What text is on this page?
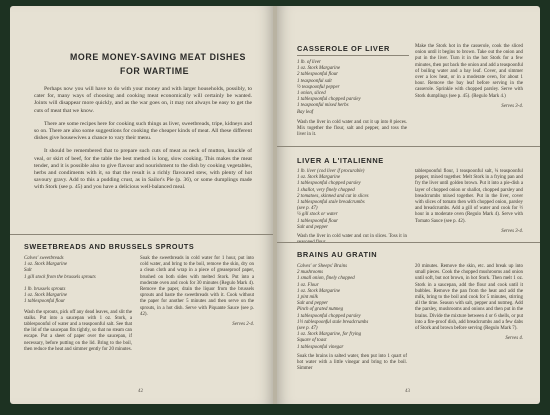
MORE MONEY-SAVING MEAT DISHES
FOR WARTIME

Perhaps now you will have to do with your money and with larger households, possibly, to cater for, many ways of choosing and cooking meat economically will certainly be wanted. Joints will disappear more quickly, and as the war goes on, it may not always be easy to get the cuts of meat that we know.

There are some recipes here for cooking such things as liver, sweetbreads, tripe, kidneys and so on. There are also some suggestions for cooking the cheaper kinds of meat. All these different dishes give housewives a chance to vary their menu.

It should be remembered that to prepare such cuts of meat as neck of mutton, knuckle of veal, or skirt of beef, for the table the best method is long, slow cooking. This makes the meat tender, and it is possible also to give flavour and nourishment to the dish by cooking vegetables, herbs and condiments with it, so that the result is a richly flavoured stew, with plenty of hot savoury gravy. Add to this a pudding crust, as in Sailor's Pie (p. 36), or some dumplings made with Stork (see p. 45) and you have a delicious well-balanced meal.

SWEETBREADS AND BRUSSELS SPROUTS

Calves' sweetbreads
1 oz. Stork Margarine
Salt
1 gill stock from the brussels sprouts

1 lb. brussels sprouts
1 oz. Stork Margarine
1 tablespoonful flour

Wash the sprouts, pick off any dead leaves, and slit the stalks. Put into a saucepan with 1 oz. Stork, a tablespoonful of water and a teaspoonful salt. See that the lid of the saucepan fits tightly, so that no steam can escape. Put a sheet of paper over the saucepan, if necessary, before putting on the lid. Bring to the boil, then reduce the heat and simmer gently for 20 minutes.

Soak the sweetbreads in cold water for 1 hour, put into cold water, and bring to the boil, remove the skin, dry on a clean cloth and wrap in a piece of greaseproof paper, brushed on both sides with melted Stork. Put into a moderate oven and cook for 30 minutes (Regulo Mark 4). Remove the paper, drain the liquor from the brussels sprouts and baste the sweetbreads with it. Cook without the paper for another 5 minutes and then serve on the sprouts, in a hot dish. Serve with Piquante Sauce (see p. 42).

Serves 2-4.
42
CASSEROLE OF LIVER

1 lb. of liver
1 oz. Stork Margarine
2 tablespoonful flour
1 teaspoonful salt
½ teaspoonful pepper
1 onion, sliced
1 tablespoonful chopped parsley
1 teaspoonful mixed herbs
Bay leaf

Wash the liver in cold water and cut it up into 8 pieces. Mix together the flour, salt and pepper, and toss the liver in it.

Make the Stork hot in the casserole, cook the sliced onion until it begins to brown. Take out the onion and put in the liver. Turn it in the hot Stork for a few minutes, then put back the onion and add a teaspoonful of boiling water and a bay leaf. Cover, and simmer over a low heat, or in a moderate oven, for about 1 hour. Remove the bay leaf before serving in the casserole. Sprinkle with chopped parsley. Serve with Stork dumplings (see p. 45). (Regulo Mark 4.)

Serves 3-4.
LIVER A L'ITALIENNE

1 lb. liver (cod liver if procurable)
1 oz. Stork Margarine
1 tablespoonful chopped parsley
1 shallot, very finely chopped
2 tomatoes, skinned and cut in slices
1 tablespoonful stale breadcrumbs
(see p. 47)
¼ gill stock or water
1 tablespoonful flour
Salt and pepper

Wash the liver in cold water and cut in slices. Toss it in seasoned flour.

tablespoonful flour, 1 teaspoonful salt, ¼ teaspoonful pepper, mixed together. Melt Stork in a frying pan and fry the liver until golden brown. Put it into a pie-dish a layer of chopped onion or shallot, chopped parsley and breadcrumbs mixed together. Put in the liver, cover with slices of tomato then with chopped onion, parsley and breadcrumbs. Add a gill of water and cook for ½ hour in a moderate oven (Regulo Mark 4). Serve with Tomato Sauce (see p. 42).

Serves 3-4.
BRAINS AU GRATIN

Calves' or Sheeps' Brains
2 mushrooms
1 small onion, finely chopped
1 oz. Flour
1 oz. Stork Margarine
1 pint milk
Salt and pepper
Pinch of grated nutmeg
1 tablespoonful chopped parsley
1½ tablespoonful stale breadcrumbs
(see p. 47)
1 oz. Stork Margarine, for frying
Square of toast
1 tablespoonful vinegar

Soak the brains in salted water, then put into 1 quart of hot water with a little vinegar and bring to the boil. Simmer

20 minutes. Remove the skin, etc. and break up into small pieces. Cook the chopped mushrooms and onion until soft, but not brown, in hot Stork. Then melt 1 oz. Stork in a saucepan, add the flour and cook until it bubbles. Remove the pan from the heat and add the milk, bring to the boil and cook for 5 minutes, stirring all the time. Season with salt, pepper and nutmeg. Add the parsley, mushrooms and onions and then put in the brains. Divide the mixture between 4 or 6 shells, or put into a fire-proof dish, add breadcrumbs and a few dabs of Stork and brown before serving (Regulo Mark 7).

Serves 4.
43
